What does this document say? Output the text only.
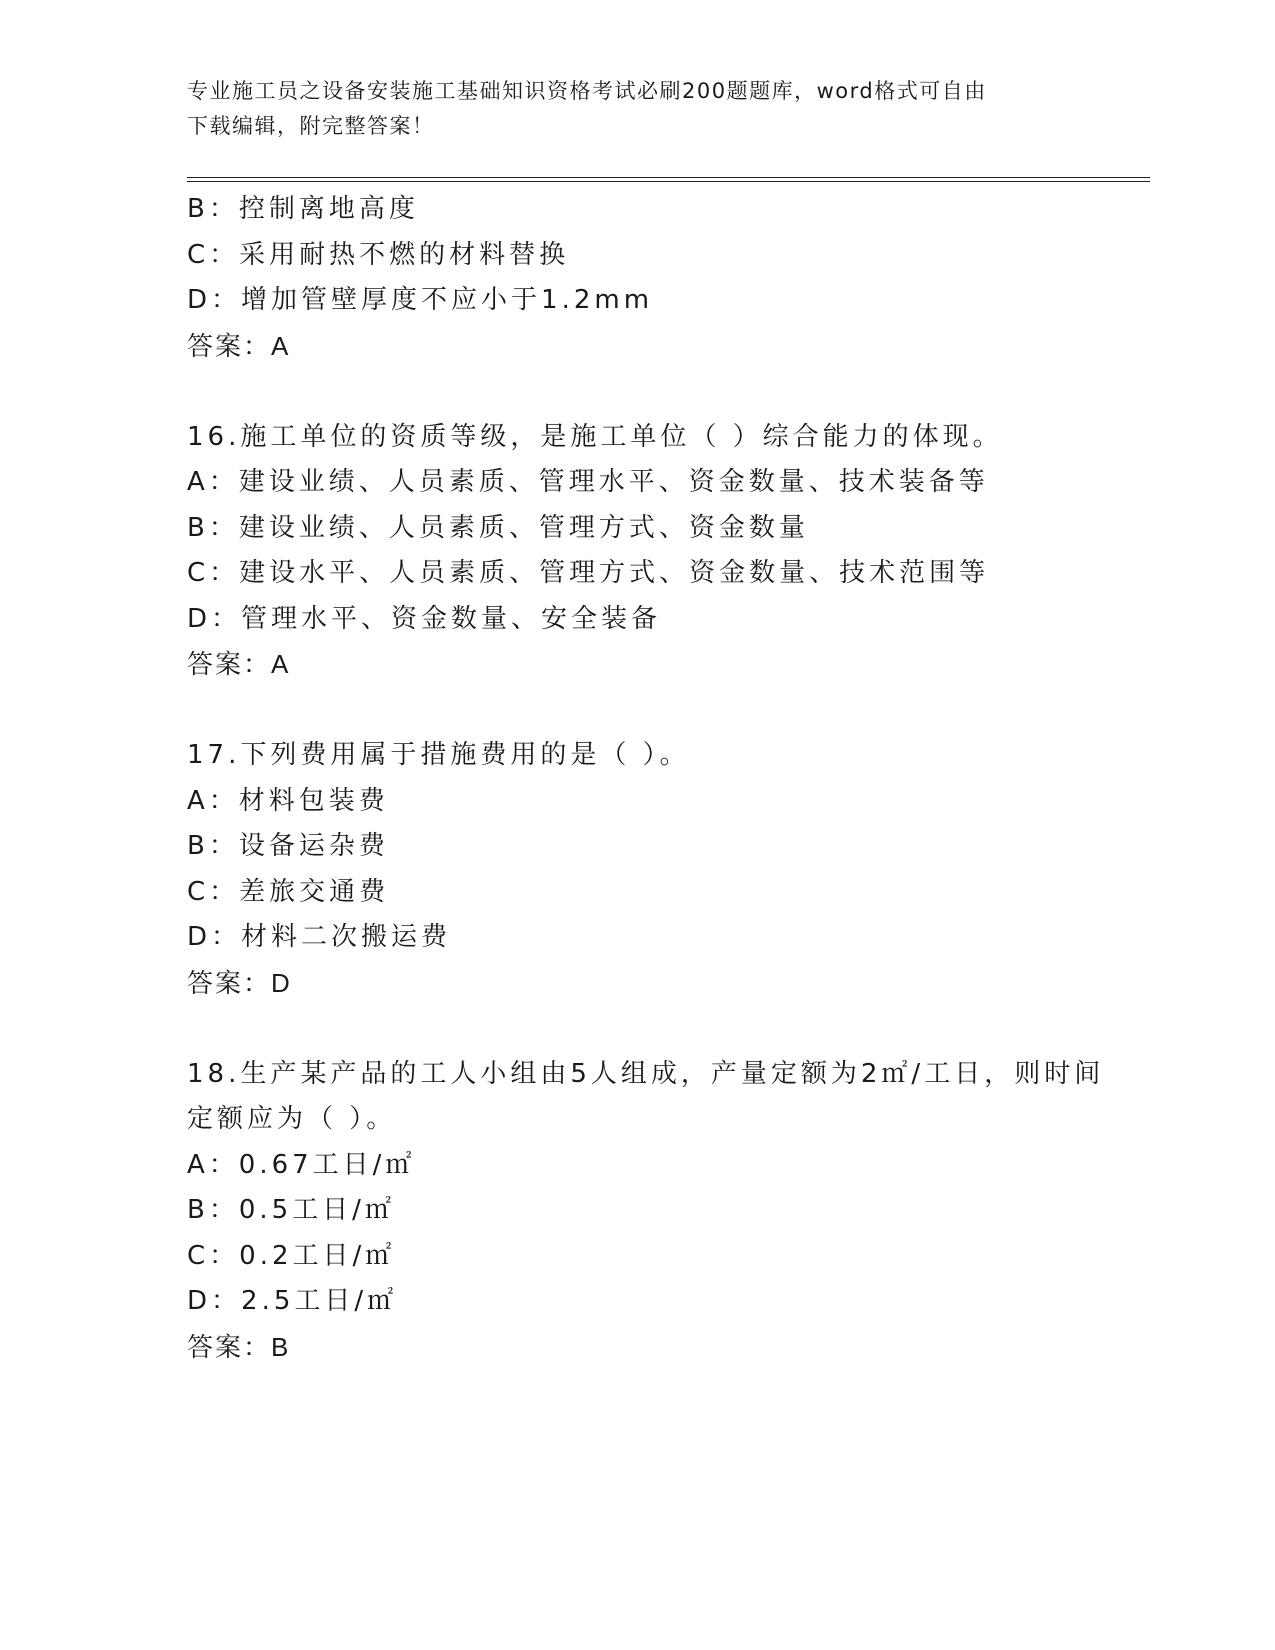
专业施工员之设备安装施工基础知识资格考试必刷200题题库，word格式可自由
下载编辑，附完整答案！
B：控制离地高度
C：采用耐热不燃的材料替换
D：增加管壁厚度不应小于1.2mm
答案：A
16.施工单位的资质等级，是施工单位（ ）综合能力的体现。
A：建设业绩、人员素质、管理水平、资金数量、技术装备等
B：建设业绩、人员素质、管理方式、资金数量
C：建设水平、人员素质、管理方式、资金数量、技术范围等
D：管理水平、资金数量、安全装备
答案：A
17.下列费用属于措施费用的是（ ）。
A：材料包装费
B：设备运杂费
C：差旅交通费
D：材料二次搬运费
答案：D
18.生产某产品的工人小组由5人组成，产量定额为2㎡/工日，则时间
定额应为（ ）。
A：0.67工日/㎡
B：0.5工日/㎡
C：0.2工日/㎡
D：2.5工日/㎡
答案：B
